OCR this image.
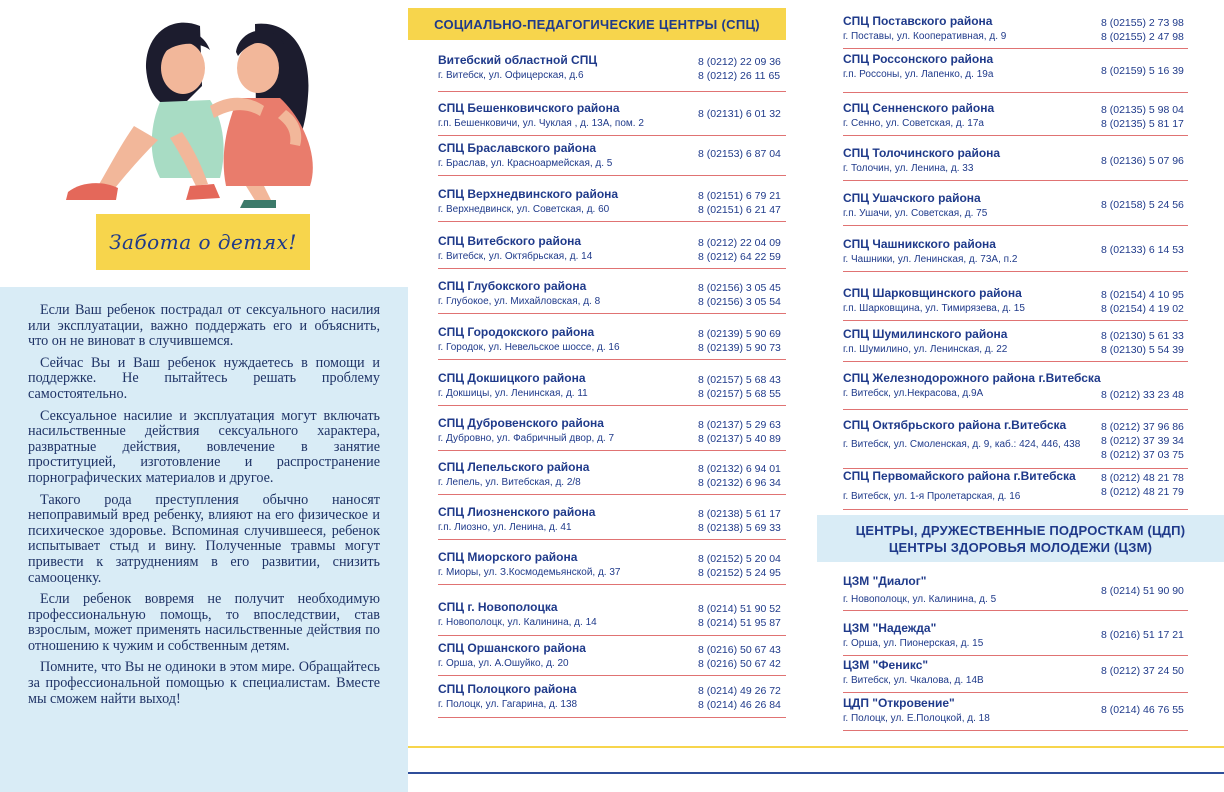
Забота о детях!

Если Ваш ребенок пострадал от сексуального насилия или эксплуатации, важно поддержать его и объяснить, что он не виноват в случившемся.

Сейчас Вы и Ваш ребенок нуждаетесь в помощи и поддержке. Не пытайтесь решать проблему самостоятельно.

Сексуальное насилие и эксплуатация могут включать насильственные действия сексуального характера, развратные действия, вовлечение в занятие проституцией, изготовление и распространение порнографических материалов и другое.

Такого рода преступления обычно наносят непоправимый вред ребенку, влияют на его физическое и психическое здоровье. Вспоминая случившееся, ребенок испытывает стыд и вину. Полученные травмы могут привести к затруднениям в его развитии, снизить самооценку.

Если ребенок вовремя не получит необходимую профессиональную помощь, то впоследствии, став взрослым, может применять насильственные действия по отношению к чужим и собственным детям.

Помните, что Вы не одиноки в этом мире. Обращайтесь за профессиональной помощью к специалистам. Вместе мы сможем найти выход!

СОЦИАЛЬНО-ПЕДАГОГИЧЕСКИЕ ЦЕНТРЫ (СПЦ)
ЦЕНТРЫ, ДРУЖЕСТВЕННЫЕ ПОДРОСТКАМ (ЦДП)
ЦЕНТРЫ ЗДОРОВЬЯ МОЛОДЕЖИ (ЦЗМ)
Витебский областной СПЦ
г. Витебск, ул. Офицерская, д.6
8 (0212) 22 09 36
8 (0212) 26 11 65
СПЦ Бешенковичского района
г.п. Бешенковичи, ул. Чуклая , д. 13А, пом. 2
8 (02131) 6 01 32
СПЦ Браславского района
г. Браслав, ул. Красноармейская, д. 5
8 (02153) 6 87 04
СПЦ Верхнедвинского района
г. Верхнедвинск, ул. Советская, д. 60
8 (02151) 6 79 21
8 (02151) 6 21 47
СПЦ Витебского района
г. Витебск, ул. Октябрьская, д. 14
8 (0212) 22 04 09
8 (0212) 64 22 59
СПЦ Глубокского района
г. Глубокое, ул. Михайловская, д. 8
8 (02156) 3 05 45
8 (02156) 3 05 54
СПЦ Городокского района
г. Городок, ул. Невельское шоссе, д. 16
8 (02139) 5 90 69
8 (02139) 5 90 73
СПЦ Докшицкого района
г. Докшицы, ул. Ленинская, д. 11
8 (02157) 5 68 43
8 (02157) 5 68 55
СПЦ Дубровенского района
г. Дубровно, ул. Фабричный двор, д. 7
8 (02137) 5 29 63
8 (02137) 5 40 89
СПЦ Лепельского района
г. Лепель, ул. Витебская, д. 2/8
8 (02132) 6 94 01
8 (02132) 6 96 34
СПЦ Лиозненского района
г.п. Лиозно, ул. Ленина, д. 41
8 (02138) 5 61 17
8 (02138) 5 69 33
СПЦ Миорского района
г. Миоры, ул. З.Космодемьянской, д. 37
8 (02152) 5 20 04
8 (02152) 5 24 95
СПЦ г. Новополоцка
г. Новополоцк, ул. Калинина, д. 14
8 (0214) 51 90 52
8 (0214) 51 95 87
СПЦ Оршанского района
г. Орша, ул. А.Ошуйко, д. 20
8 (0216) 50 67 43
8 (0216) 50 67 42
СПЦ Полоцкого района
г. Полоцк, ул. Гагарина, д. 138
8 (0214) 49 26 72
8 (0214) 46 26 84
СПЦ Поставского района
г. Поставы, ул. Кооперативная, д. 9
8 (02155) 2 73 98
8 (02155) 2 47 98
СПЦ Россонского района
г.п. Россоны, ул. Лапенко, д. 19а	8 (02159) 5 16 39
СПЦ Сенненского района
г. Сенно, ул. Советская, д. 17а
8 (02135) 5 98 04
8 (02135) 5 81 17
СПЦ Толочинского района
г. Толочин, ул. Ленина, д. 33
8 (02136) 5 07 96
СПЦ Ушачского района
г.п. Ушачи, ул. Советская, д. 75
8 (02158) 5 24 56
СПЦ Чашникского района
г. Чашники, ул. Ленинская, д. 73А, п.2
8 (02133) 6 14 53
СПЦ Шарковщинского района
г.п. Шарковщина, ул. Тимирязева, д. 15
8 (02154) 4 10 95
8 (02154) 4 19 02
СПЦ Шумилинского района
г.п. Шумилино, ул. Ленинская, д. 22
8 (02130) 5 61 33
8 (02130) 5 54 39
СПЦ Железнодорожного района г.Витебска
г. Витебск, ул.Некрасова, д.9А	8 (0212) 33 23 48
СПЦ Октябрьского района г.Витебска
г. Витебск, ул. Смоленская, д. 9, каб.: 424, 446, 438
8 (0212) 37 96 86
8 (0212) 37 39 34
8 (0212) 37 03 75
СПЦ Первомайского района г.Витебска
г. Витебск, ул. 1-я Пролетарская, д. 16
8 (0212) 48 21 78
8 (0212) 48 21 79
ЦЗМ "Диалог"
г. Новополоцк, ул. Калинина, д. 5
8 (0214) 51 90 90
ЦЗМ "Надежда"
г. Орша, ул. Пионерская, д. 15
8 (0216) 51 17 21
ЦЗМ "Феникс"
г. Витебск, ул. Чкалова, д. 14В
8 (0212) 37 24 50
ЦДП "Откровение"
г. Полоцк, ул. Е.Полоцкой, д. 18
8 (0214) 46 76 55
